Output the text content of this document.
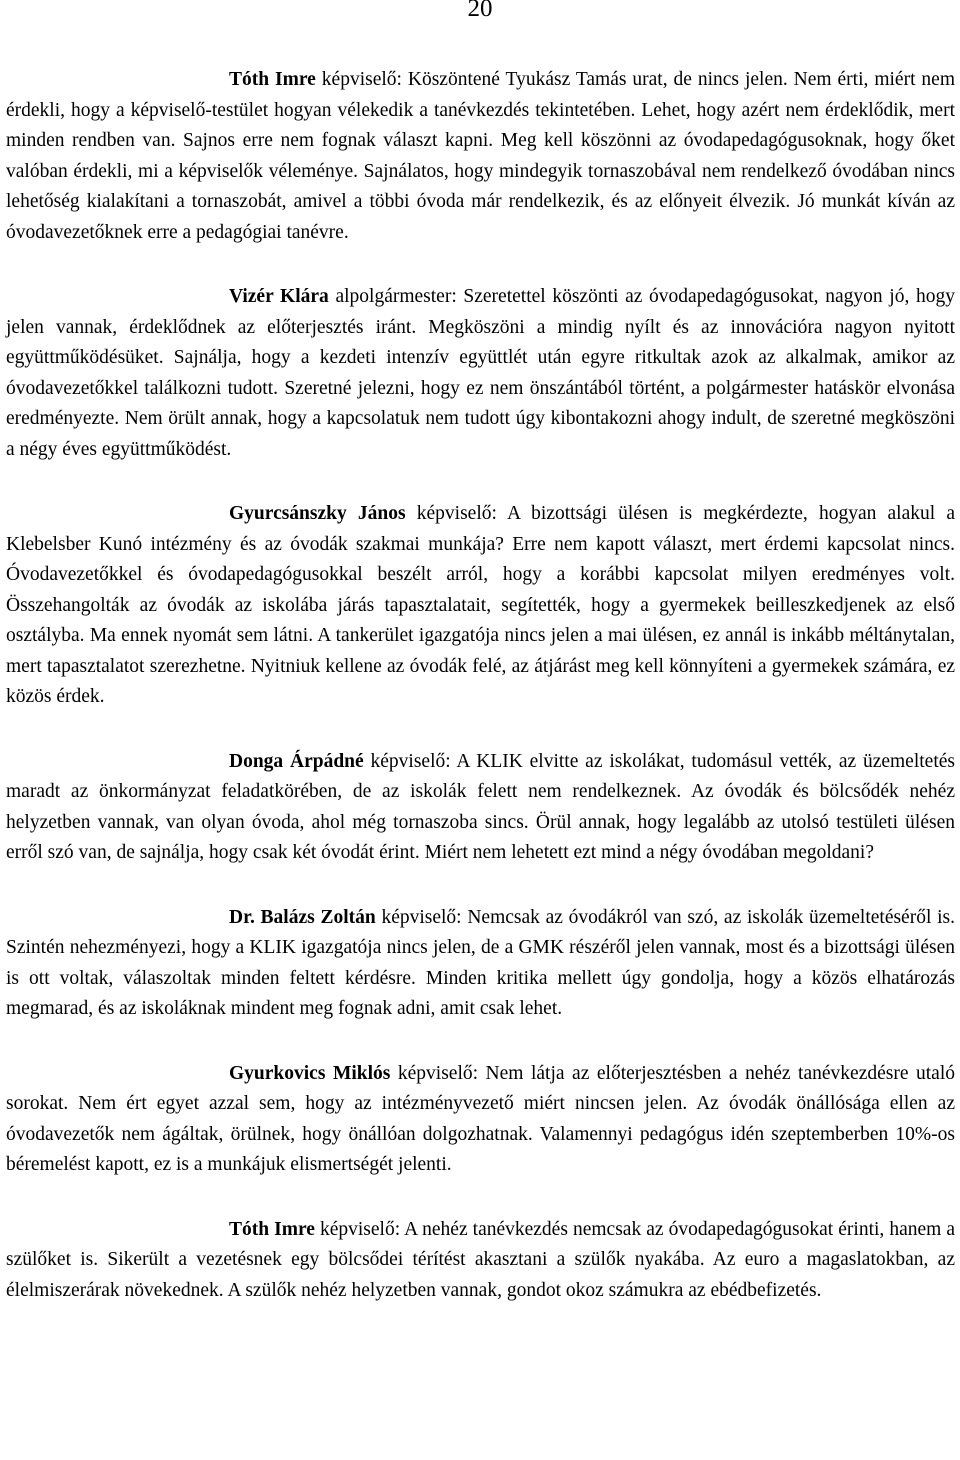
20

Tóth Imre képviselő: Köszöntené Tyukász Tamás urat, de nincs jelen. Nem érti, miért nem érdekli, hogy a képviselő-testület hogyan vélekedik a tanévkezdés tekintetében. Lehet, hogy azért nem érdeklődik, mert minden rendben van. Sajnos erre nem fognak választ kapni. Meg kell köszönni az óvodapedagógusoknak, hogy őket valóban érdekli, mi a képviselők véleménye. Sajnálatos, hogy mindegyik tornaszobával nem rendelkező óvodában nincs lehetőség kialakítani a tornaszobát, amivel a többi óvoda már rendelkezik, és az előnyeit élvezik. Jó munkát kíván az óvodavezetőknek erre a pedagógiai tanévre.

Vizér Klára alpolgármester: Szeretettel köszönti az óvodapedagógusokat, nagyon jó, hogy jelen vannak, érdeklődnek az előterjesztés iránt. Megköszöni a mindig nyílt és az innovációra nagyon nyitott együttműködésüket. Sajnálja, hogy a kezdeti intenzív együttlét után egyre ritkultak azok az alkalmak, amikor az óvodavezetőkkel találkozni tudott. Szeretné jelezni, hogy ez nem önszántából történt, a polgármester hatáskör elvonása eredményezte. Nem örült annak, hogy a kapcsolatuk nem tudott úgy kibontakozni ahogy indult, de szeretné megköszöni a négy éves együttműködést.

Gyurcsánszky János képviselő: A bizottsági ülésen is megkérdezte, hogyan alakul a Klebelsber Kunó intézmény és az óvodák szakmai munkája? Erre nem kapott választ, mert érdemi kapcsolat nincs. Óvodavezetőkkel és óvodapedagógusokkal beszélt arról, hogy a korábbi kapcsolat milyen eredményes volt. Összehangolták az óvodák az iskolába járás tapasztalatait, segítették, hogy a gyermekek beilleszkedjenek az első osztályba. Ma ennek nyomát sem látni. A tankerület igazgatója nincs jelen a mai ülésen, ez annál is inkább méltánytalan, mert tapasztalatot szerezhetne. Nyitniuk kellene az óvodák felé, az átjárást meg kell könnyíteni a gyermekek számára, ez közös érdek.

Donga Árpádné képviselő: A KLIK elvitte az iskolákat, tudomásul vették, az üzemeltetés maradt az önkormányzat feladatkörében, de az iskolák felett nem rendelkeznek. Az óvodák és bölcsődék nehéz helyzetben vannak, van olyan óvoda, ahol még tornaszoba sincs. Örül annak, hogy legalább az utolsó testületi ülésen erről szó van, de sajnálja, hogy csak két óvodát érint. Miért nem lehetett ezt mind a négy óvodában megoldani?

Dr. Balázs Zoltán képviselő: Nemcsak az óvodákról van szó, az iskolák üzemeltetéséről is. Szintén nehezményezi, hogy a KLIK igazgatója nincs jelen, de a GMK részéről jelen vannak, most és a bizottsági ülésen is ott voltak, válaszoltak minden feltett kérdésre. Minden kritika mellett úgy gondolja, hogy a közös elhatározás megmarad, és az iskoláknak mindent meg fognak adni, amit csak lehet.

Gyurkovics Miklós képviselő: Nem látja az előterjesztésben a nehéz tanévkezdésre utaló sorokat. Nem ért egyet azzal sem, hogy az intézményvezető miért nincsen jelen. Az óvodák önállósága ellen az óvodavezetők nem ágáltak, örülnek, hogy önállóan dolgozhatnak. Valamennyi pedagógus idén szeptemberben 10%-os béremelést kapott, ez is a munkájuk elismertségét jelenti.

Tóth Imre képviselő: A nehéz tanévkezdés nemcsak az óvodapedagógusokat érinti, hanem a szülőket is. Sikerült a vezetésnek egy bölcsődei térítést akasztani a szülők nyakába. Az euro a magaslatokban, az élelmiszerárak növekednek. A szülők nehéz helyzetben vannak, gondot okoz számukra az ebédbefizetés.
